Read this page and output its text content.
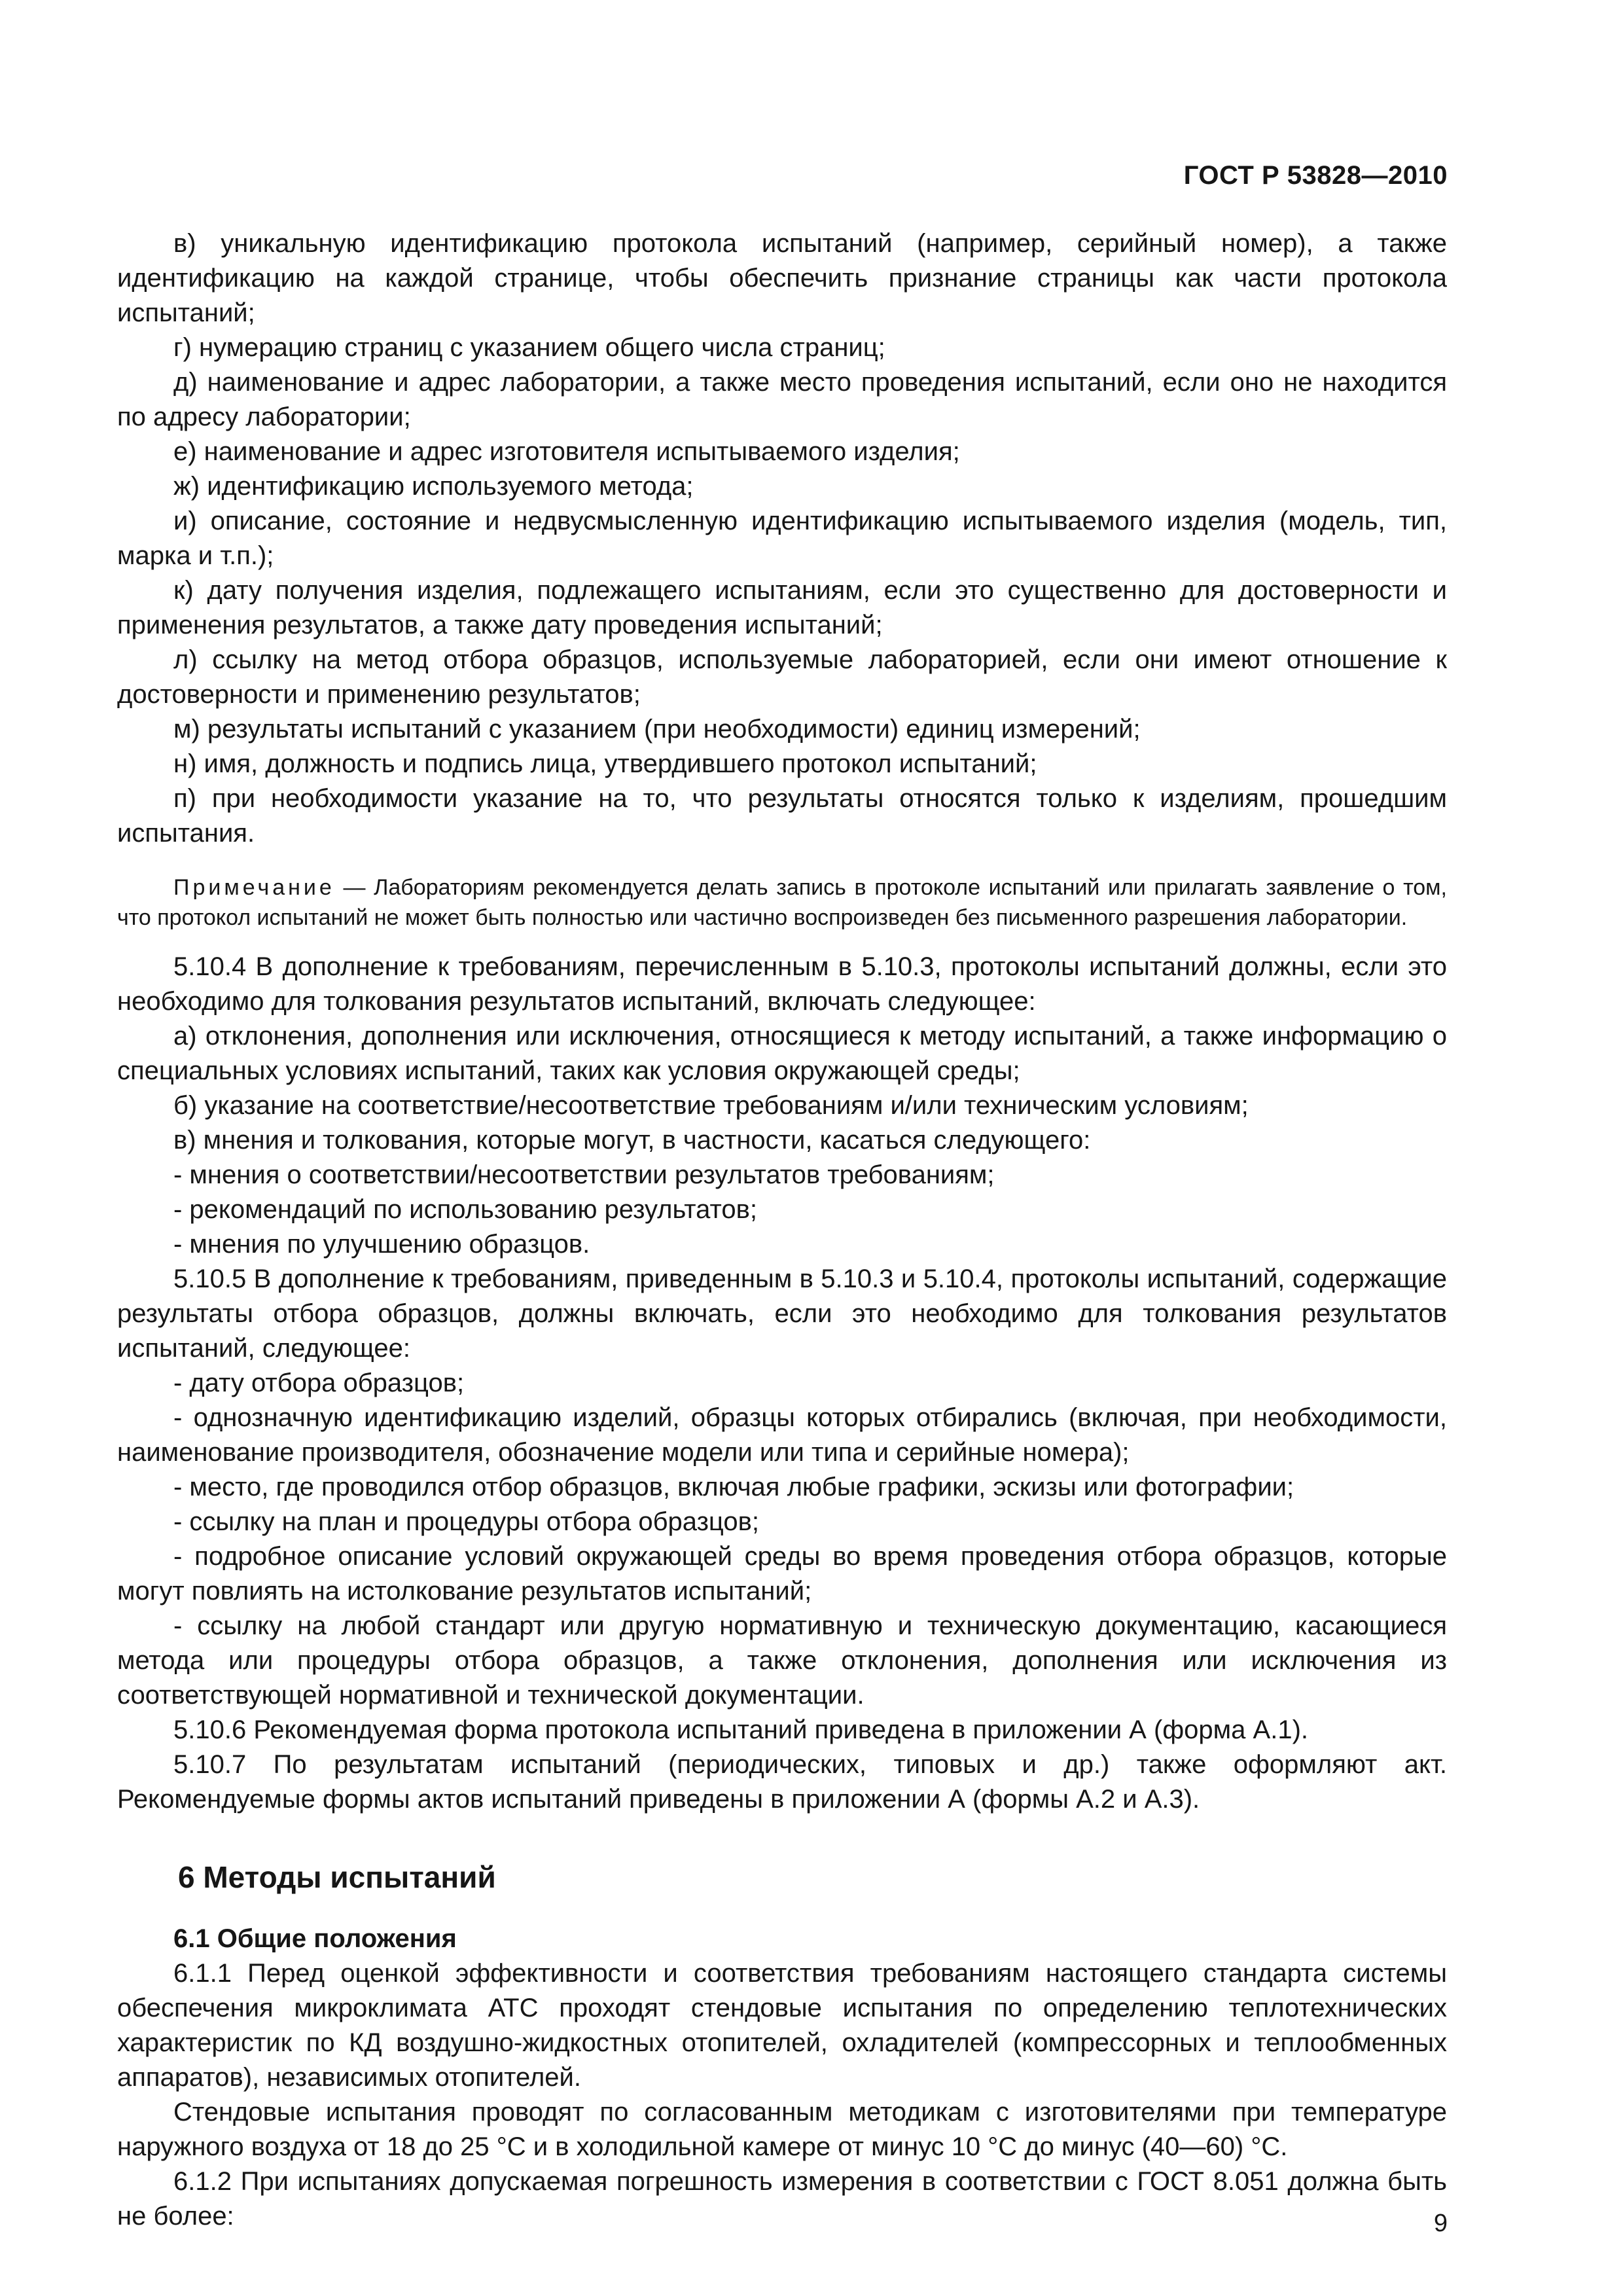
ГОСТ Р 53828—2010

в) уникальную идентификацию протокола испытаний (например, серийный номер), а также идентификацию на каждой странице, чтобы обеспечить признание страницы как части протокола испытаний;

г) нумерацию страниц с указанием общего числа страниц;

д) наименование и адрес лаборатории, а также место проведения испытаний, если оно не находится по адресу лаборатории;

е) наименование и адрес изготовителя испытываемого изделия;

ж) идентификацию используемого метода;

и) описание, состояние и недвусмысленную идентификацию испытываемого изделия (модель, тип, марка и т.п.);

к) дату получения изделия, подлежащего испытаниям, если это существенно для достоверности и применения результатов, а также дату проведения испытаний;

л) ссылку на метод отбора образцов, используемые лабораторией, если они имеют отношение к достоверности и применению результатов;

м) результаты испытаний с указанием (при необходимости) единиц измерений;

н) имя, должность и подпись лица, утвердившего протокол испытаний;

п) при необходимости указание на то, что результаты относятся только к изделиям, прошедшим испытания.

Примечание — Лабораториям рекомендуется делать запись в протоколе испытаний или прилагать заявление о том, что протокол испытаний не может быть полностью или частично воспроизведен без письменного разрешения лаборатории.

5.10.4 В дополнение к требованиям, перечисленным в 5.10.3, протоколы испытаний должны, если это необходимо для толкования результатов испытаний, включать следующее:

а) отклонения, дополнения или исключения, относящиеся к методу испытаний, а также информацию о специальных условиях испытаний, таких как условия окружающей среды;

б) указание на соответствие/несоответствие требованиям и/или техническим условиям;

в) мнения и толкования, которые могут, в частности, касаться следующего:

- мнения о соответствии/несоответствии результатов требованиям;

- рекомендаций по использованию результатов;

- мнения по улучшению образцов.

5.10.5 В дополнение к требованиям, приведенным в 5.10.3 и 5.10.4, протоколы испытаний, содержащие результаты отбора образцов, должны включать, если это необходимо для толкования результатов испытаний, следующее:

- дату отбора образцов;

- однозначную идентификацию изделий, образцы которых отбирались (включая, при необходимости, наименование производителя, обозначение модели или типа и серийные номера);

- место, где проводился отбор образцов, включая любые графики, эскизы или фотографии;

- ссылку на план и процедуры отбора образцов;

- подробное описание условий окружающей среды во время проведения отбора образцов, которые могут повлиять на истолкование результатов испытаний;

- ссылку на любой стандарт или другую нормативную и техническую документацию, касающиеся метода или процедуры отбора образцов, а также отклонения, дополнения или исключения из соответствующей нормативной и технической документации.

5.10.6 Рекомендуемая форма протокола испытаний приведена в приложении А (форма А.1).

5.10.7 По результатам испытаний (периодических, типовых и др.) также оформляют акт. Рекомендуемые формы актов испытаний приведены в приложении А (формы А.2 и А.3).

6 Методы испытаний
6.1 Общие положения

6.1.1 Перед оценкой эффективности и соответствия требованиям настоящего стандарта системы обеспечения микроклимата АТС проходят стендовые испытания по определению теплотехнических характеристик по КД воздушно-жидкостных отопителей, охладителей (компрессорных и теплообменных аппаратов), независимых отопителей.

Стендовые испытания проводят по согласованным методикам с изготовителями при температуре наружного воздуха от 18 до 25 °С и в холодильной камере от минус 10 °С до минус (40—60) °С.

6.1.2 При испытаниях допускаемая погрешность измерения в соответствии с ГОСТ 8.051 должна быть не более:	9
